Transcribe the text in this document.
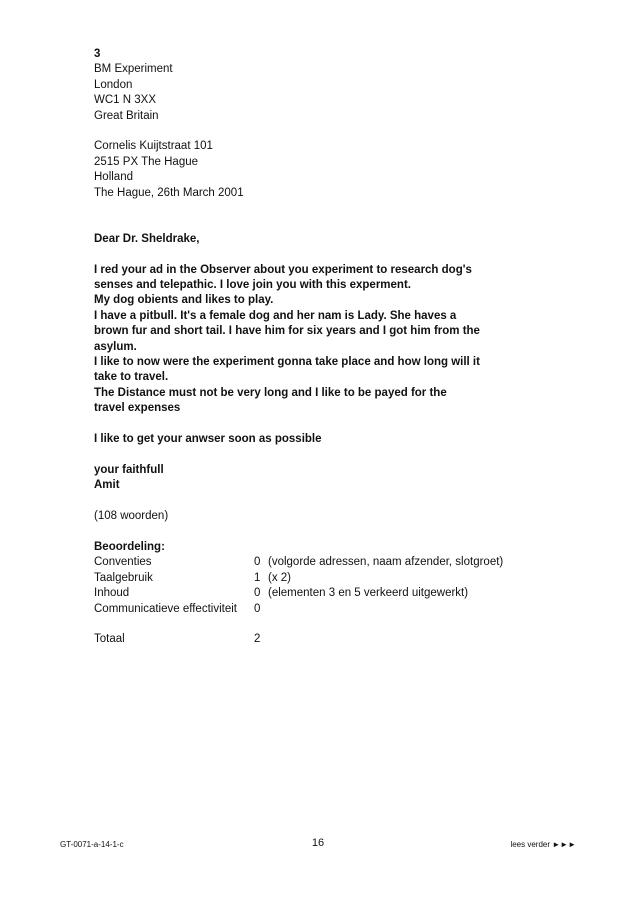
3
BM Experiment
London
WC1 N 3XX
Great Britain
Cornelis Kuijtstraat 101
2515 PX The Hague
Holland
The Hague, 26th March 2001
Dear Dr. Sheldrake,
I red your ad in the Observer about you experiment to research dog's
senses and telepathic. I love join you with this experment.
My dog obients and likes to play.
I have a pitbull. It's a female dog and her nam is Lady. She haves a
brown fur and short tail. I have him for six years and I got him from the
asylum.
I like to now were the experiment gonna take place and how long will it
take to travel.
The Distance must not be very long and I like to be payed for the
travel expenses
I like to get your anwser soon as possible
your faithfull
Amit
(108 woorden)
Beoordeling:
Conventies	0	(volgorde adressen, naam afzender, slotgroet)
Taalgebruik	1	(x 2)
Inhoud	0	(elementen 3 en 5 verkeerd uitgewerkt)
Communicatieve effectiviteit	0	

Totaal	2	
GT-0071-a-14-1-c	16	lees verder ►►►
